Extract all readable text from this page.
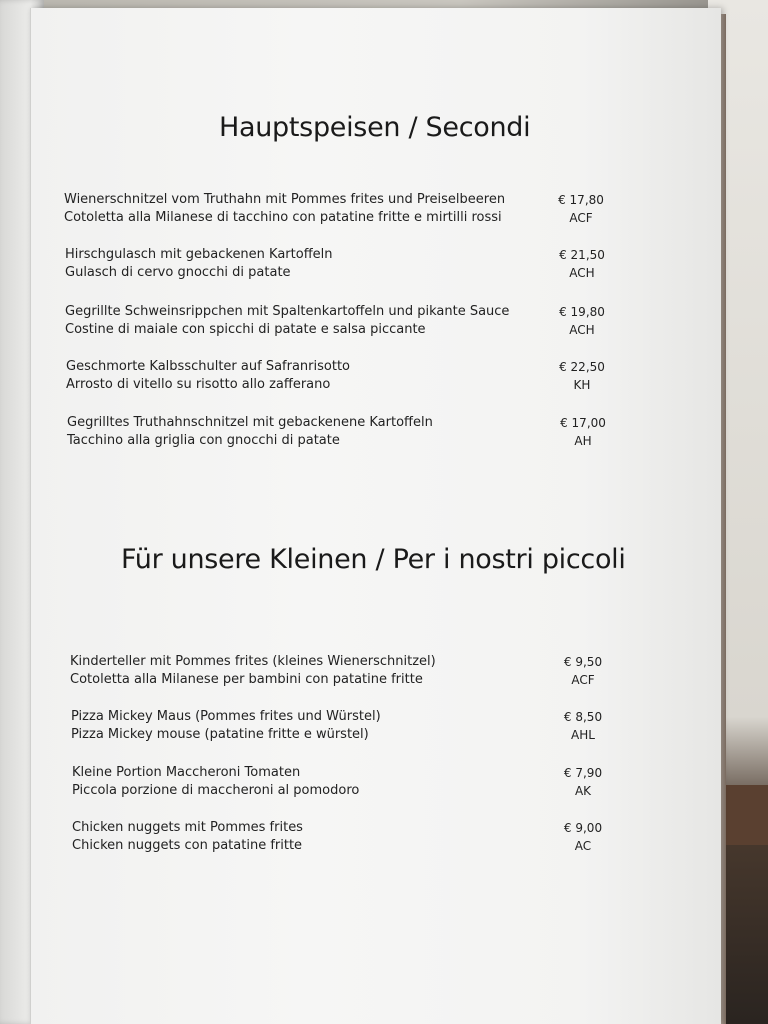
Hauptspeisen / Secondi
Wienerschnitzel vom Truthahn mit Pommes frites und Preiselbeeren
Cotoletta alla Milanese di tacchino con patatine fritte e mirtilli rossi
€ 17,80
ACF
Hirschgulasch mit gebackenen Kartoffeln
Gulasch di cervo gnocchi di patate
€ 21,50
ACH
Gegrillte Schweinsrippchen mit Spaltenkartoffeln und pikante Sauce
Costine di maiale con spicchi di patate e salsa piccante
€ 19,80
ACH
Geschmorte Kalbsschulter auf Safranrisotto
Arrosto di vitello su risotto allo zafferano
€ 22,50
KH
Gegrilltes Truthahnschnitzel mit gebackenene Kartoffeln
Tacchino alla griglia con gnocchi di patate
€ 17,00
AH
Für unsere Kleinen / Per i nostri piccoli
Kinderteller mit Pommes frites (kleines Wienerschnitzel)
Cotoletta alla Milanese per bambini con patatine fritte
€ 9,50
ACF
Pizza Mickey Maus (Pommes frites und Würstel)
Pizza Mickey mouse (patatine fritte e würstel)
€ 8,50
AHL
Kleine Portion Maccheroni Tomaten
Piccola porzione di maccheroni al pomodoro
€ 7,90
AK
Chicken nuggets mit Pommes frites
Chicken nuggets con patatine fritte
€ 9,00
AC
